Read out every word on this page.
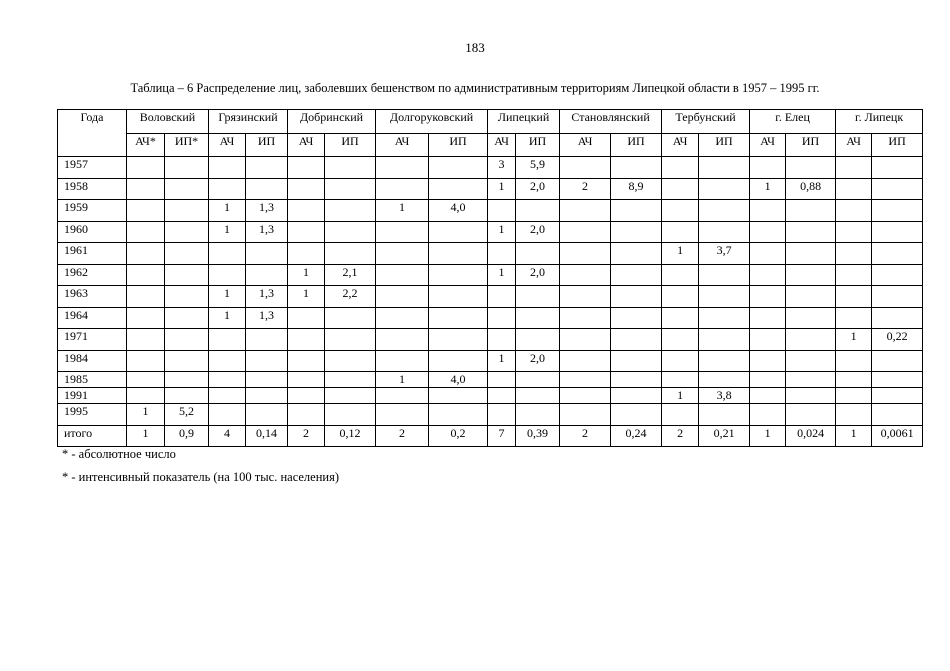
183
Таблица – 6 Распределение лиц, заболевших бешенством по административным территориям Липецкой области в 1957 – 1995 гг.
Года	Воловский		Грязинский		Добринский		Долгоруковский		Липецкий		Становлянский		Тербунский		г. Елец		г. Липецк	
	АЧ*	ИП*	АЧ	ИП	АЧ	ИП	АЧ	ИП	АЧ	ИП	АЧ	ИП	АЧ	ИП	АЧ	ИП	АЧ	ИП
1957									3	5,9								
1958									1	2,0	2	8,9			1	0,88		
1959			1	1,3			1	4,0										
1960			1	1,3					1	2,0								
1961													1	3,7				
1962					1	2,1			1	2,0								
1963			1	1,3	1	2,2												
1964			1	1,3														
1971																	1	0,22
1984									1	2,0								
1985							1	4,0										
1991													1	3,8				
1995	1	5,2																
итого	1	0,9	4	0,14	2	0,12	2	0,2	7	0,39	2	0,24	2	0,21	1	0,024	1	0,0061
* - абсолютное число
* - интенсивный показатель (на 100 тыс. населения)
